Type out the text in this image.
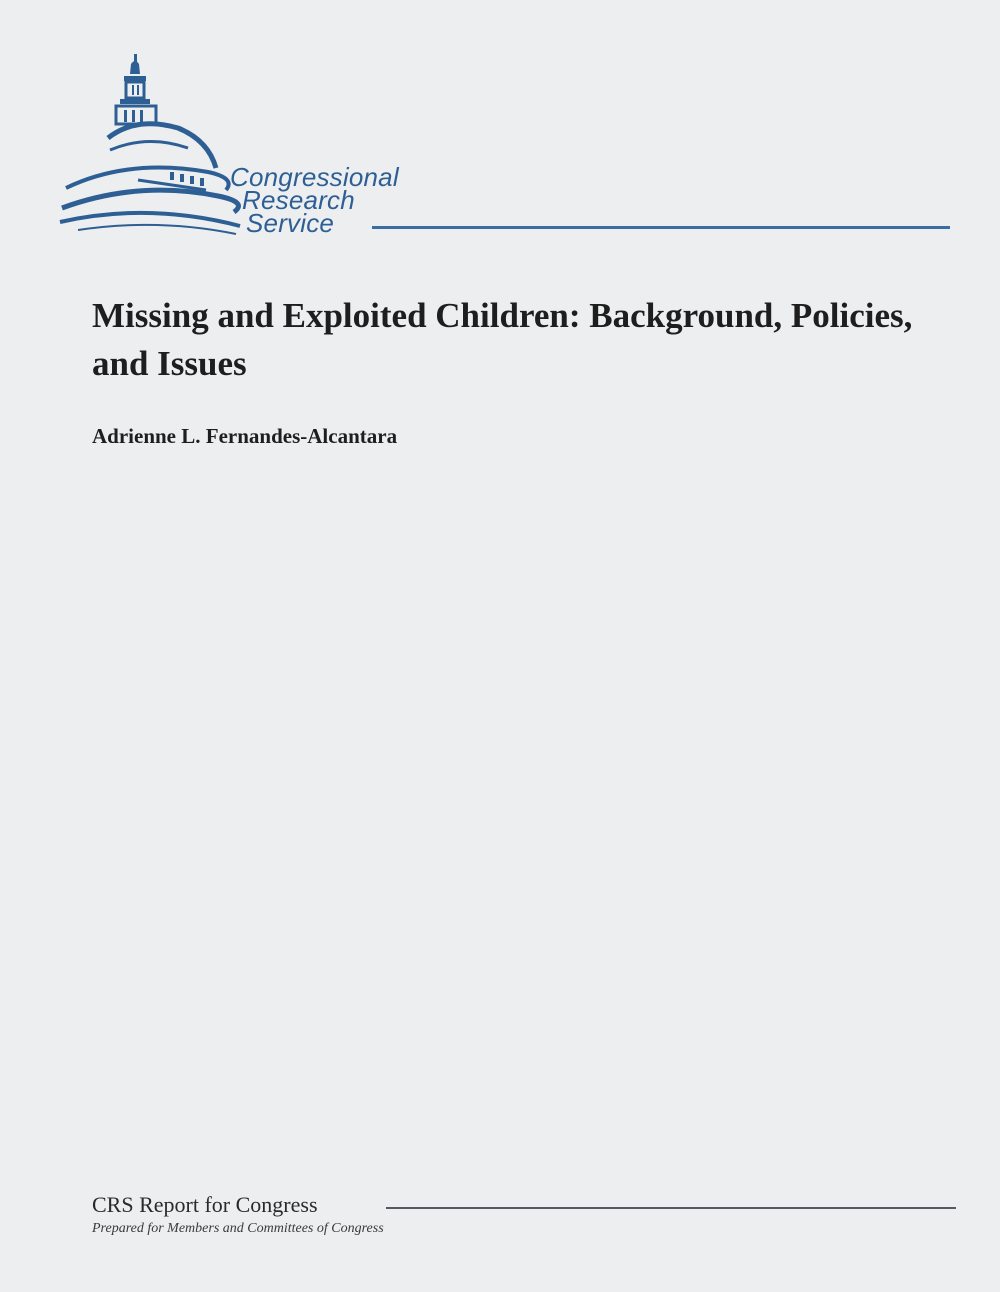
Congressional
Research
Service
Missing and Exploited Children: Background, Policies, and Issues
Adrienne L. Fernandes-Alcantara
CRS Report for Congress
Prepared for Members and Committees of Congress
